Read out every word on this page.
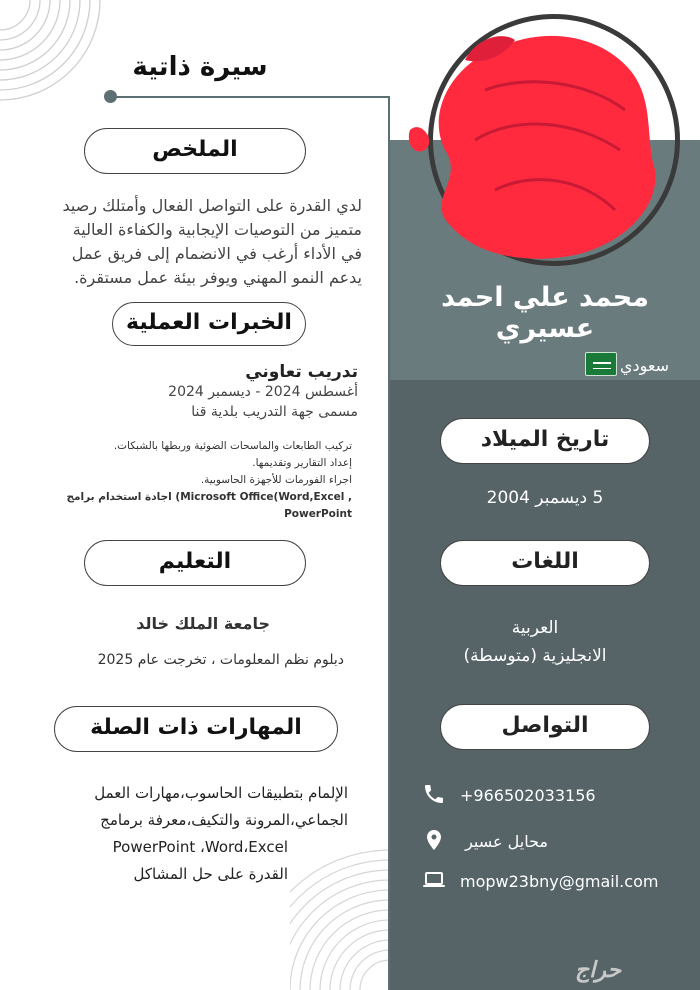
سيرة ذاتية
الملخص
لدي القدرة على التواصل الفعال وأمتلك رصيد
متميز من التوصيات الإيجابية والكفاءة العالية
في الأداء أرغب في الانضمام إلى فريق عمل
يدعم النمو المهني ويوفر بيئة عمل مستقرة.
الخبرات العملية
تدريب تعاوني
أغسطس 2024 - ديسمبر 2024
مسمى جهة التدريب بلدية قنا
تركيب الطابعات والماسحات الضوئية وربطها بالشبكات.
إعداد التقارير وتقديمها.
اجراء الفورمات للأجهزة الحاسوبية.
اجادة استخدام برامج (Microsoft Office(Word,Excel , PowerPoint
التعليم
جامعة الملك خالد
دبلوم نظم المعلومات ، تخرجت عام 2025
المهارات ذات الصلة
الإلمام بتطبيقات الحاسوب،مهارات العمل
الجماعي،المرونة والتكيف،معرفة برمامج
PowerPoint ،Word،Excel
القدرة على حل المشاكل
محمد علي احمد عسيري
سعودي
تاريخ الميلاد
5 ديسمبر 2004
اللغات
العربية
الانجليزية (متوسطة)
التواصل
+966502033156
محايل عسير
mopw23bny@gmail.com
حراج
